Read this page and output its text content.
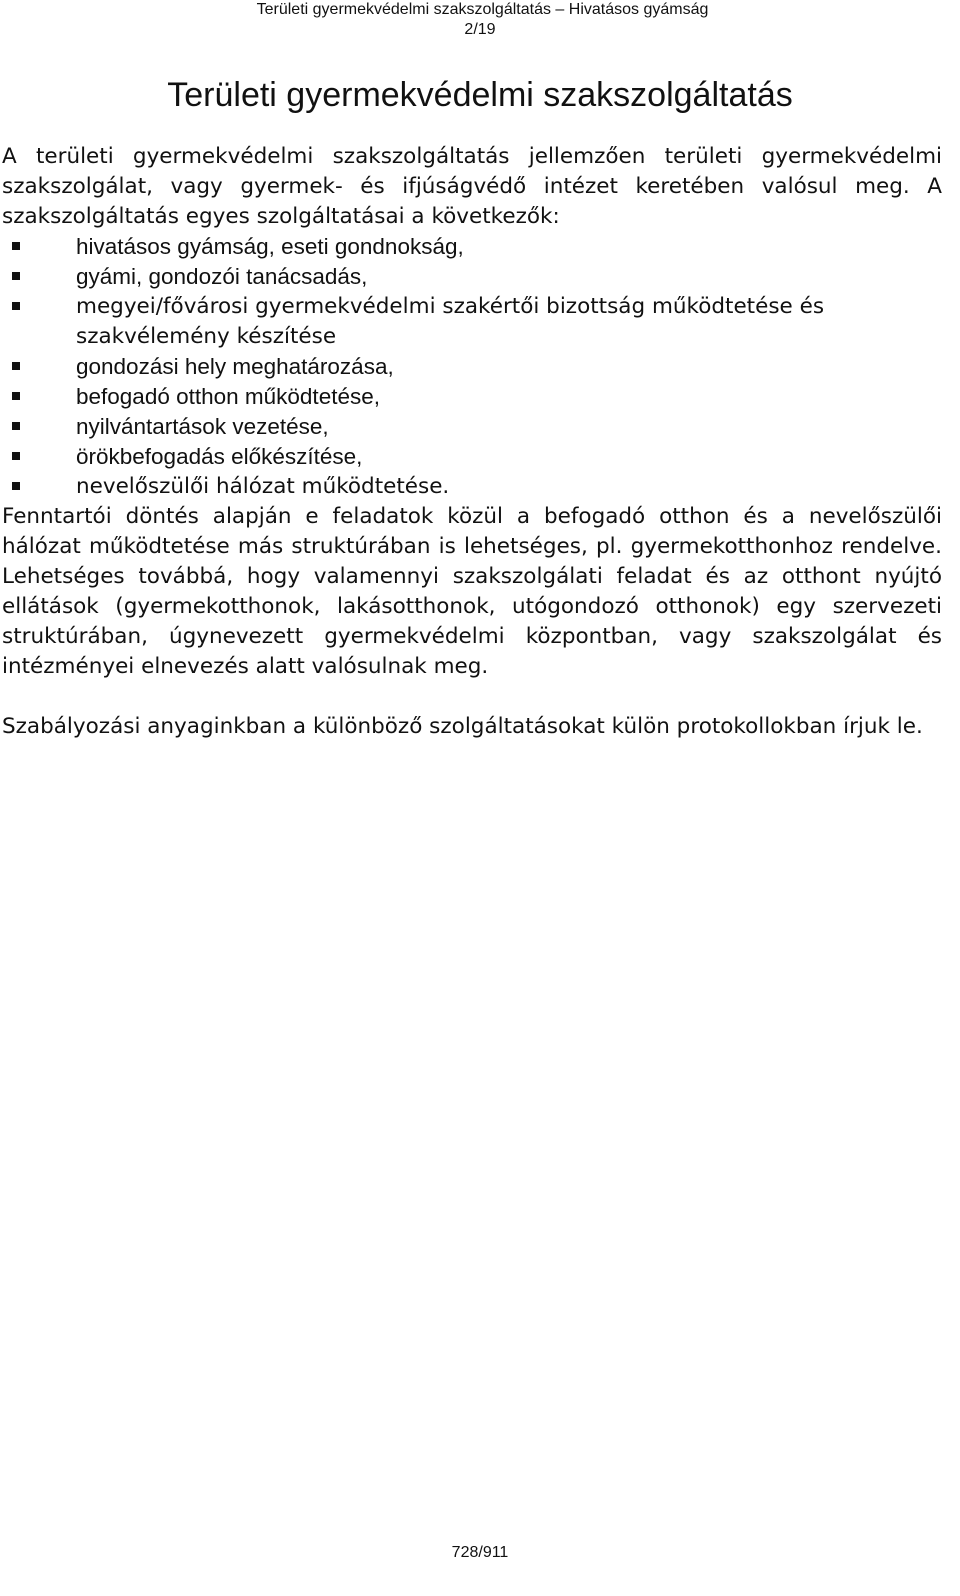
Területi gyermekvédelmi szakszolgáltatás – Hivatásos gyámság
2/19
Területi gyermekvédelmi szakszolgáltatás

A területi gyermekvédelmi szakszolgáltatás jellemzően területi gyermekvédelmi szakszolgálat, vagy gyermek- és ifjúságvédő intézet keretében valósul meg. A szakszolgáltatás egyes szolgáltatásai a következők:

hivatásos gyámság, eseti gondnokság,
gyámi, gondozói tanácsadás,
megyei/fővárosi gyermekvédelmi szakértői bizottság működtetése és szakvélemény készítése
gondozási hely meghatározása,
befogadó otthon működtetése,
nyilvántartások vezetése,
örökbefogadás előkészítése,
nevelőszülői hálózat működtetése.

Fenntartói döntés alapján e feladatok közül a befogadó otthon és a nevelőszülői hálózat működtetése más struktúrában is lehetséges, pl. gyermekotthonhoz rendelve. Lehetséges továbbá, hogy valamennyi szakszolgálati feladat és az otthont nyújtó ellátások (gyermekotthonok, lakásotthonok, utógondozó otthonok) egy szervezeti struktúrában, úgynevezett gyermekvédelmi központban, vagy szakszolgálat és intézményei elnevezés alatt valósulnak meg.

Szabályozási anyaginkban a különböző szolgáltatásokat külön protokollokban írjuk le.

728/911
